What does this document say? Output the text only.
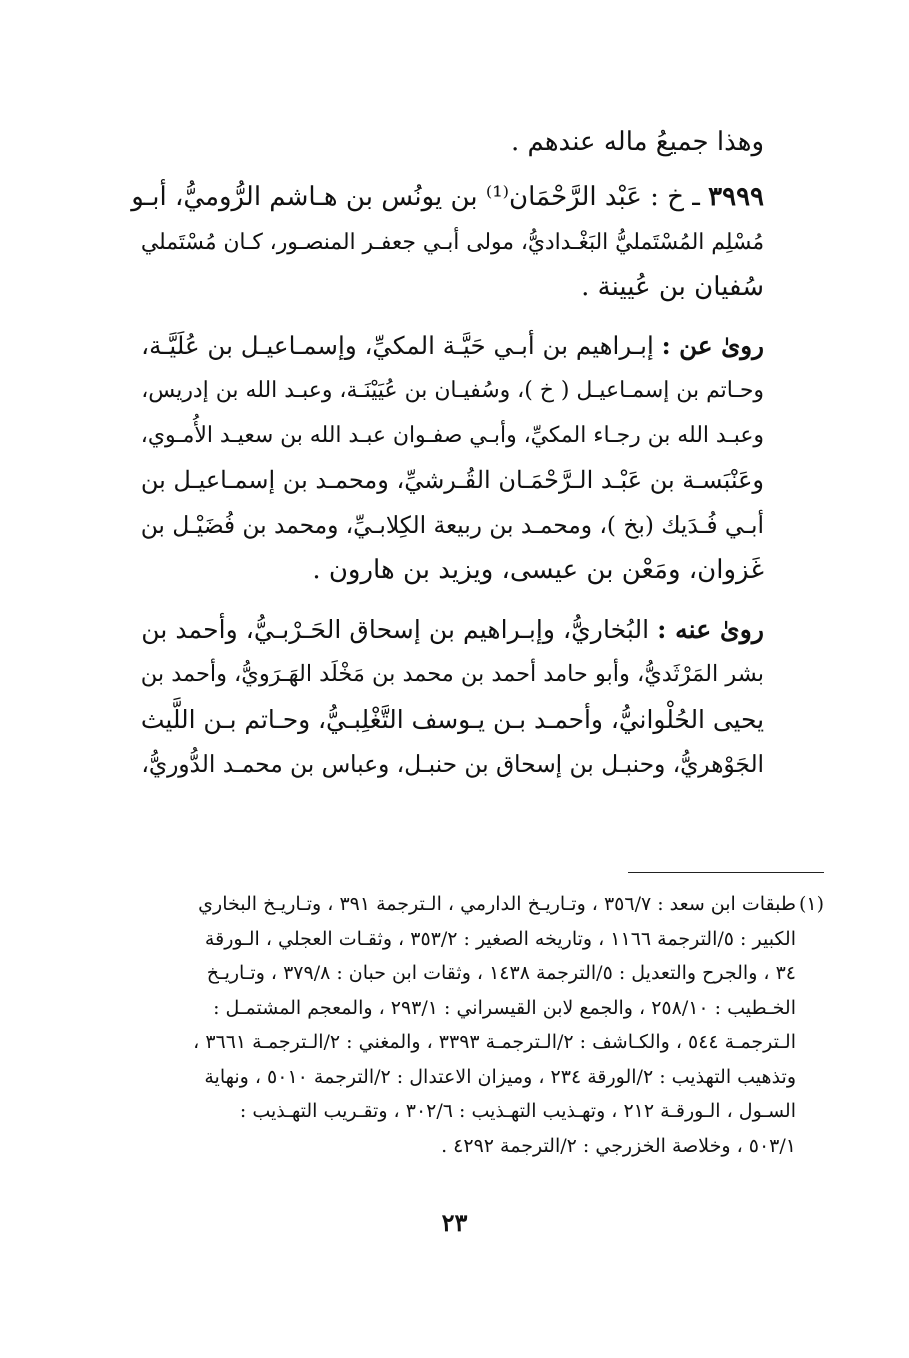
وهذا جميعُ ماله عندهم .
٣٩٩٩ ـ خ : عَبْد الرَّحْمَان⁽¹⁾ بن يونُس بن هـاشم الرُّوميُّ، أبـو
مُسْلِم المُسْتَمليُّ البَغْـداديُّ، مولى أبـي جعفـر المنصـور، كـان مُسْتَملي
سُفيان بن عُيينة .
روىٰ عن : إبـراهيم بن أبـي حَيَّـة المكيِّ، وإسمـاعيـل بن عُلَيَّـة،
وحـاتم بن إسمـاعيـل ( خ )، وسُفيـان بن عُيَيْنَـة، وعبـد الله بن إدريس،
وعبـد الله بن رجـاء المكيِّ، وأبـي صفـوان عبـد الله بن سعيـد الأُمـوي،
وعَنْبَسـة بن عَبْـد الـرَّحْمَـان القُـرشيِّ، ومحمـد بن إسمـاعيـل بن
أبـي فُـدَيك (بخ )، ومحمـد بن ربيعة الكِلابـيِّ، ومحمد بن فُضَيْـل بن
غَزوان، ومَعْن بن عيسى، ويزيد بن هارون .
روىٰ عنه : البُخاريُّ، وإبـراهيم بن إسحاق الحَـرْبـيُّ، وأحمد بن
بشر المَرْثَديُّ، وأبو حامد أحمد بن محمد بن مَخْلَد الهَـرَويُّ، وأحمد بن
يحيى الحُلْوانيُّ، وأحمـد بـن يـوسف التَّغْلِبـيُّ، وحـاتم بـن اللَّيث
الجَوْهريُّ، وحنبـل بن إسحاق بن حنبـل، وعباس بن محمـد الدُّوريُّ،
(١)طبقات ابن سعد : ٣٥٦/٧ ، وتـاريـخ الدارمي ، الـترجمة ٣٩١ ، وتـاريـخ البخاري
الكبير : ٥/الترجمة ١١٦٦ ، وتاريخه الصغير : ٣٥٣/٢ ، وثقـات العجلي ، الـورقة
٣٤ ، والجرح والتعديل : ٥/الترجمة ١٤٣٨ ، وثقات ابن حبان : ٣٧٩/٨ ، وتـاريـخ
الخـطيب : ٢٥٨/١٠ ، والجمع لابن القيسراني : ٢٩٣/١ ، والمعجم المشتمـل :
الـترجمـة ٥٤٤ ، والكـاشف : ٢/الـترجمـة ٣٣٩٣ ، والمغني : ٢/الـترجمـة ٣٦٦١ ،
وتذهيب التهذيب : ٢/الورقة ٢٣٤ ، وميزان الاعتدال : ٢/الترجمة ٥٠١٠ ، ونهاية
السـول ، الـورقـة ٢١٢ ، وتهـذيب التهـذيب : ٣٠٢/٦ ، وتقـريب التهـذيب :
٥٠٣/١ ، وخلاصة الخزرجي : ٢/الترجمة ٤٢٩٢ .
٢٣
